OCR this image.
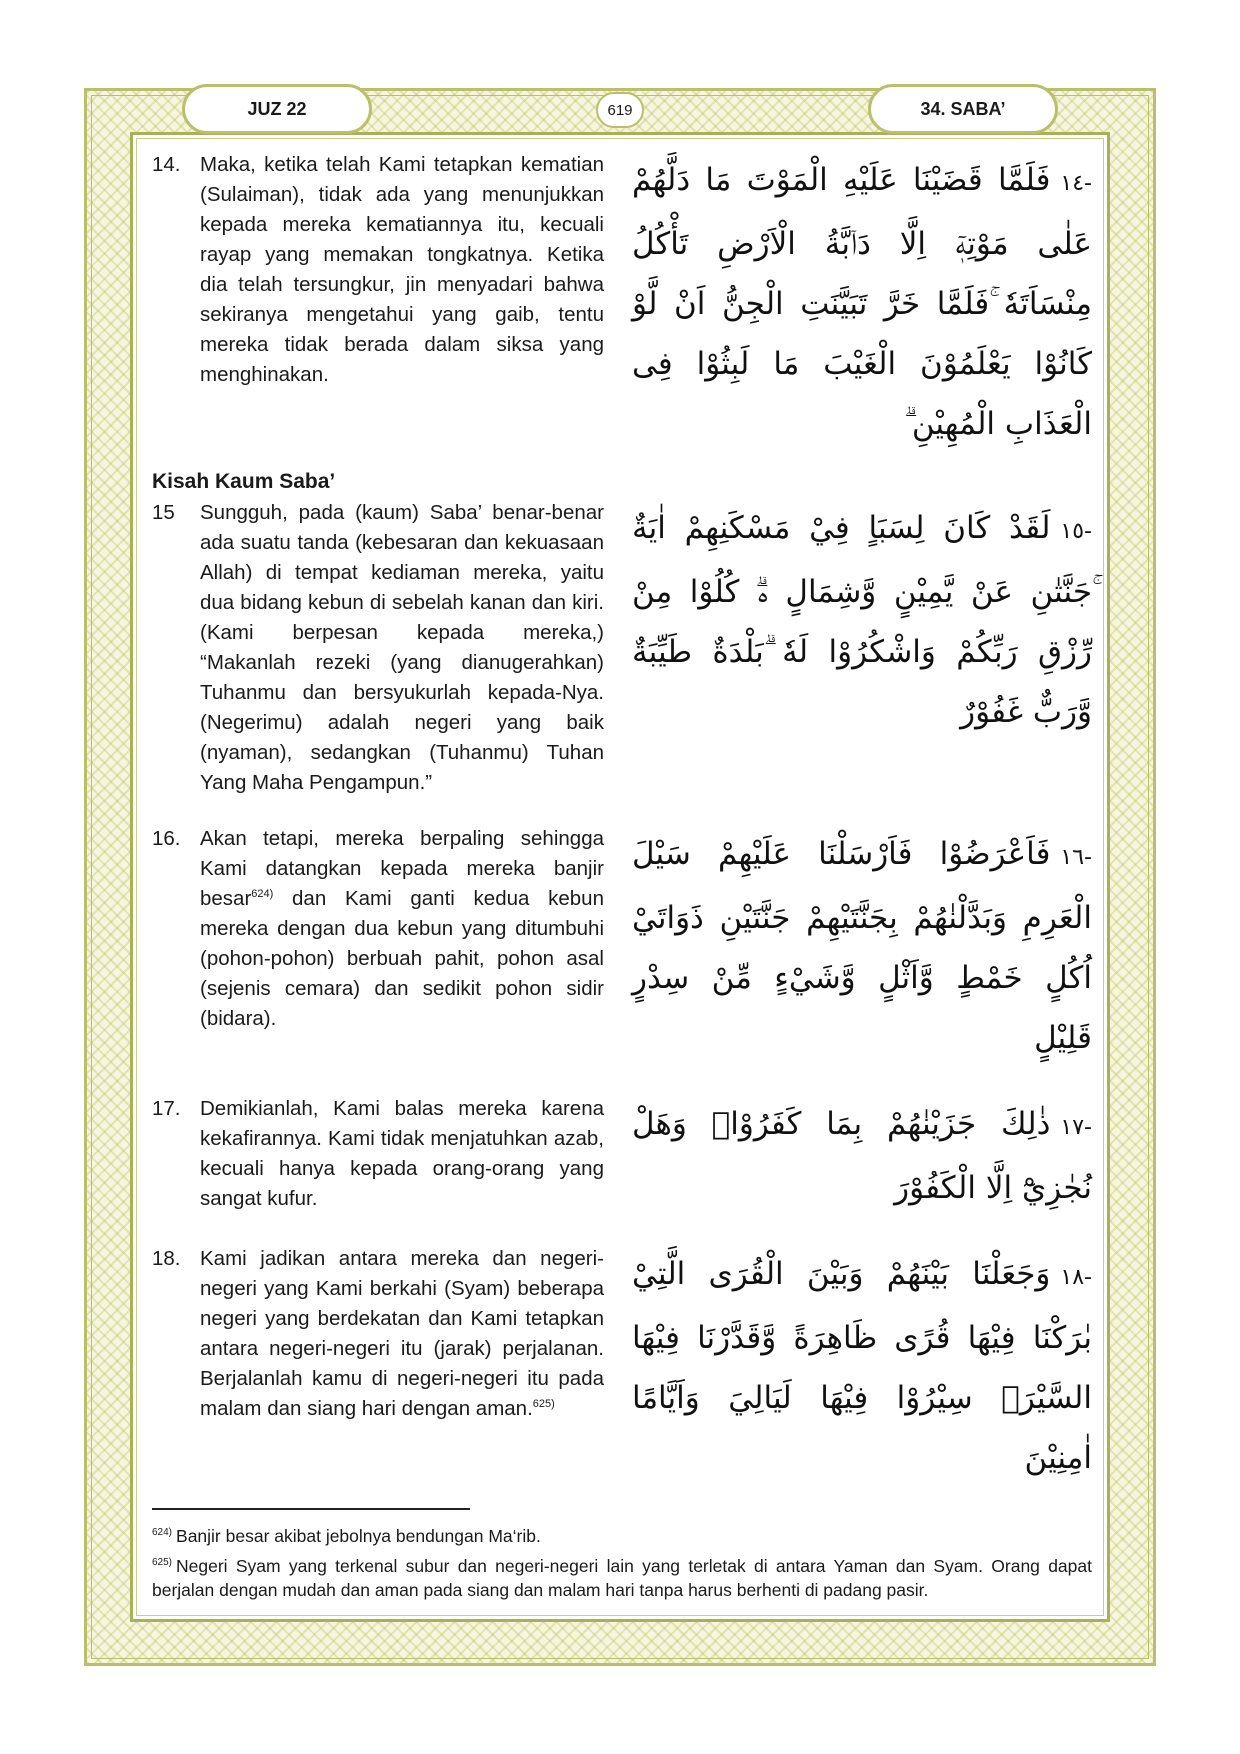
JUZ 22	619	34. SABA’
14. Maka, ketika telah Kami tetapkan kematian (Sulaiman), tidak ada yang menunjukkan kepada mereka kematiannya itu, kecuali rayap yang memakan tongkatnya. Ketika dia telah tersungkur, jin menyadari bahwa sekiranya mengetahui yang gaib, tentu mereka tidak berada dalam siksa yang menghinakan.
-١٤فَلَمَّا قَضَيْنَا عَلَيْهِ الْمَوْتَ مَا دَلَّهُمْ عَلٰى مَوْتِهٖٓ اِلَّا دَاۤبَّةُ الْاَرْضِ تَأْكُلُ مِنْسَاَتَهٗ ۚفَلَمَّا خَرَّ تَبَيَّنَتِ الْجِنُّ اَنْ لَّوْ كَانُوْا يَعْلَمُوْنَ الْغَيْبَ مَا لَبِثُوْا فِى الْعَذَابِ الْمُهِيْنِ ۗ
Kisah Kaum Saba’
15	Sungguh, pada (kaum) Saba’ benar-benar ada suatu tanda (kebesaran dan kekuasaan Allah) di tempat kediaman mereka, yaitu dua bidang kebun di sebelah kanan dan kiri. (Kami berpesan kepada mereka,) “Makanlah rezeki (yang dianugerahkan) Tuhanmu dan bersyukurlah kepada-Nya. (Negerimu) adalah negeri yang baik (nyaman), sedangkan (Tuhanmu) Tuhan Yang Maha Pengampun.”
-١٥لَقَدْ كَانَ لِسَبَاٍ فِيْ مَسْكَنِهِمْ اٰيَةٌ ۚجَنَّتٰنِ عَنْ يَّمِيْنٍ وَّشِمَالٍ ەۗ كُلُوْا مِنْ رِّزْقِ رَبِّكُمْ وَاشْكُرُوْا لَهٗ ۗبَلْدَةٌ طَيِّبَةٌ وَّرَبٌّ غَفُوْرٌ
16. Akan tetapi, mereka berpaling sehingga Kami datangkan kepada mereka banjir besar$^{624)}$ dan Kami ganti kedua kebun mereka dengan dua kebun yang ditumbuhi (pohon-pohon) berbuah pahit, pohon asal (sejenis cemara) dan sedikit pohon sidir (bidara).
-١٦فَاَعْرَضُوْا فَاَرْسَلْنَا عَلَيْهِمْ سَيْلَ الْعَرِمِ وَبَدَّلْنٰهُمْ بِجَنَّتَيْهِمْ جَنَّتَيْنِ ذَوَاتَيْ اُكُلٍ خَمْطٍ وَّاَثْلٍ وَّشَيْءٍ مِّنْ سِدْرٍ قَلِيْلٍ
17. Demikianlah, Kami balas mereka karena kekafirannya. Kami tidak menjatuhkan azab, kecuali hanya kepada orang-orang yang sangat kufur.
-١٧ذٰلِكَ جَزَيْنٰهُمْ بِمَا كَفَرُوْاۗ وَهَلْ نُجٰزِيْٓ اِلَّا الْكَفُوْرَ
18. Kami jadikan antara mereka dan negeri-negeri yang Kami berkahi (Syam) beberapa negeri yang berdekatan dan Kami tetapkan antara negeri-negeri itu (jarak) perjalanan. Berjalanlah kamu di negeri-negeri itu pada malam dan siang hari dengan aman.$^{625)}$
-١٨وَجَعَلْنَا بَيْنَهُمْ وَبَيْنَ الْقُرَى الَّتِيْ بٰرَكْنَا فِيْهَا قُرًى ظَاهِرَةً وَّقَدَّرْنَا فِيْهَا السَّيْرَۗ سِيْرُوْا فِيْهَا لَيَالِيَ وَاَيَّامًا اٰمِنِيْنَ
$^{624)}$ Banjir besar akibat jebolnya bendungan Ma‘rib.
$^{625)}$ Negeri Syam yang terkenal subur dan negeri-negeri lain yang terletak di antara Yaman dan Syam. Orang dapat berjalan dengan mudah dan aman pada siang dan malam hari tanpa harus berhenti di padang pasir.
